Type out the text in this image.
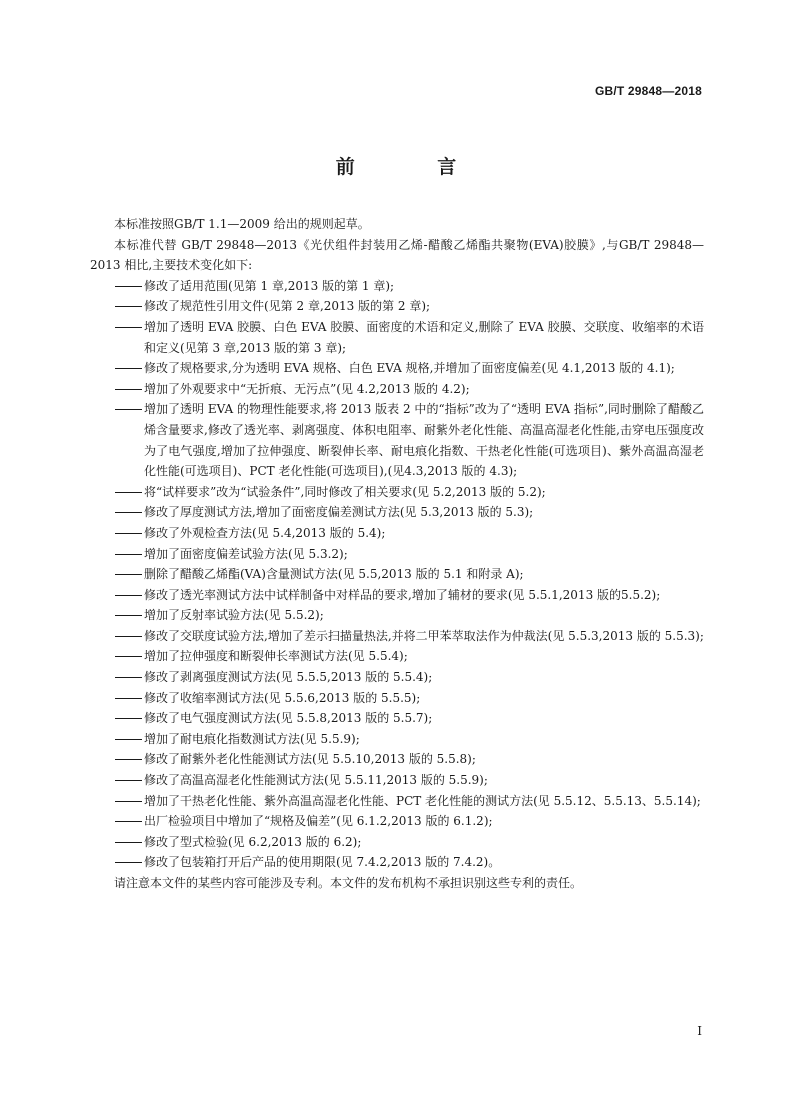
GB/T 29848—2018
前 言

本标准按照GB/T 1.1—2009 给出的规则起草。

本标准代替 GB/T 29848—2013《光伏组件封装用乙烯-醋酸乙烯酯共聚物(EVA)胶膜》,与GB/T 29848—2013 相比,主要技术变化如下:

修改了适用范围(见第 1 章,2013 版的第 1 章);

修改了规范性引用文件(见第 2 章,2013 版的第 2 章);

增加了透明 EVA 胶膜、白色 EVA 胶膜、面密度的术语和定义,删除了 EVA 胶膜、交联度、收缩率的术语和定义(见第 3 章,2013 版的第 3 章);

修改了规格要求,分为透明 EVA 规格、白色 EVA 规格,并增加了面密度偏差(见 4.1,2013 版的 4.1);

增加了外观要求中“无折痕、无污点”(见 4.2,2013 版的 4.2);

增加了透明 EVA 的物理性能要求,将 2013 版表 2 中的“指标”改为了“透明 EVA 指标”,同时删除了醋酸乙烯含量要求,修改了透光率、剥离强度、体积电阻率、耐紫外老化性能、高温高湿老化性能,击穿电压强度改为了电气强度,增加了拉伸强度、断裂伸长率、耐电痕化指数、干热老化性能(可选项目)、紫外高温高湿老化性能(可选项目)、PCT 老化性能(可选项目),(见4.3,2013 版的 4.3);

将“试样要求”改为“试验条件”,同时修改了相关要求(见 5.2,2013 版的 5.2);

修改了厚度测试方法,增加了面密度偏差测试方法(见 5.3,2013 版的 5.3);

修改了外观检查方法(见 5.4,2013 版的 5.4);

增加了面密度偏差试验方法(见 5.3.2);

删除了醋酸乙烯酯(VA)含量测试方法(见 5.5,2013 版的 5.1 和附录 A);

修改了透光率测试方法中试样制备中对样品的要求,增加了辅材的要求(见 5.5.1,2013 版的5.5.2);

增加了反射率试验方法(见 5.5.2);

修改了交联度试验方法,增加了差示扫描量热法,并将二甲苯萃取法作为仲裁法(见 5.5.3,2013 版的 5.5.3);

增加了拉伸强度和断裂伸长率测试方法(见 5.5.4);

修改了剥离强度测试方法(见 5.5.5,2013 版的 5.5.4);

修改了收缩率测试方法(见 5.5.6,2013 版的 5.5.5);

修改了电气强度测试方法(见 5.5.8,2013 版的 5.5.7);

增加了耐电痕化指数测试方法(见 5.5.9);

修改了耐紫外老化性能测试方法(见 5.5.10,2013 版的 5.5.8);

修改了高温高湿老化性能测试方法(见 5.5.11,2013 版的 5.5.9);

增加了干热老化性能、紫外高温高湿老化性能、PCT 老化性能的测试方法(见 5.5.12、5.5.13、5.5.14);

出厂检验项目中增加了“规格及偏差”(见 6.1.2,2013 版的 6.1.2);

修改了型式检验(见 6.2,2013 版的 6.2);

修改了包装箱打开后产品的使用期限(见 7.4.2,2013 版的 7.4.2)。

请注意本文件的某些内容可能涉及专利。本文件的发布机构不承担识别这些专利的责任。

I
